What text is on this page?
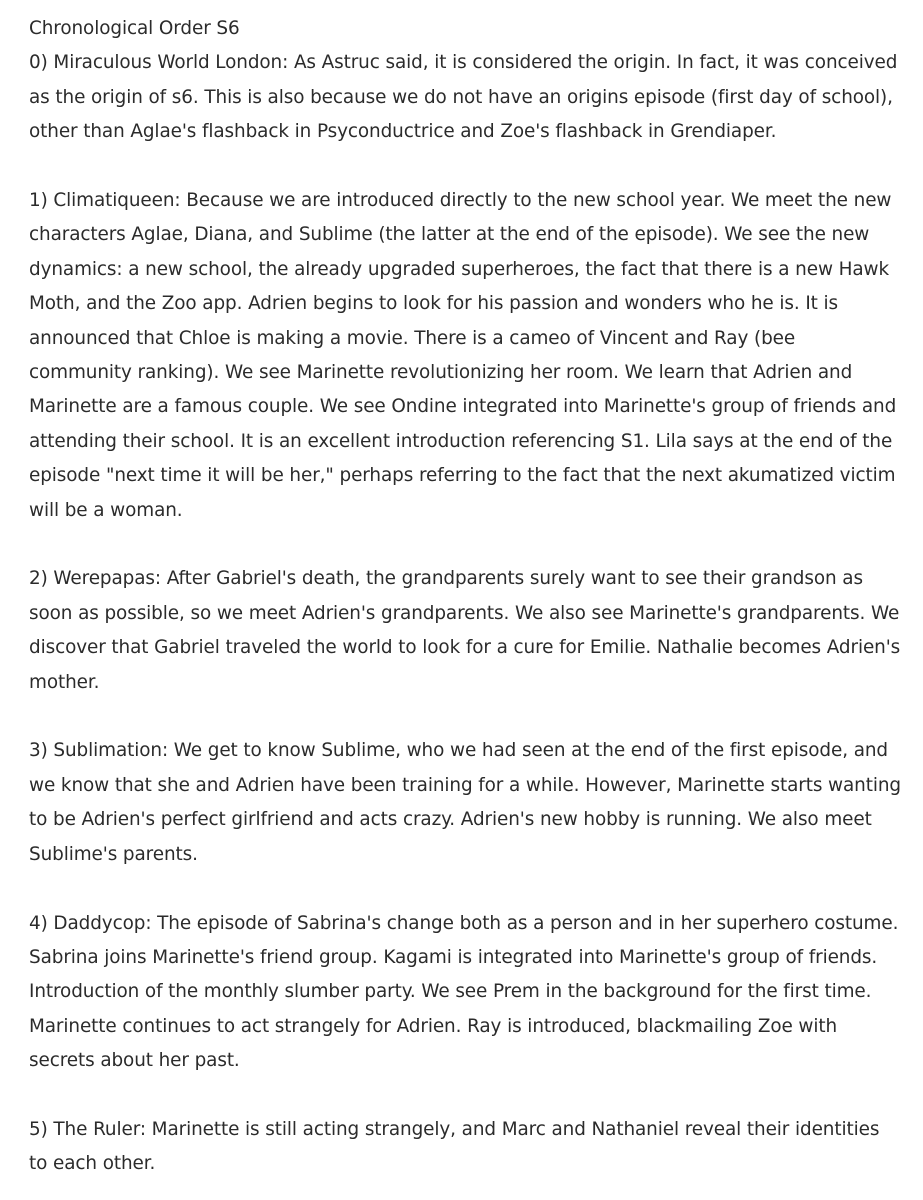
Chronological Order S6

0) Miraculous World London: As Astruc said, it is considered the origin. In fact, it was conceived as the origin of s6. This is also because we do not have an origins episode (first day of school), other than Aglae's flashback in Psyconductrice and Zoe's flashback in Grendiaper.

1) Climatiqueen: Because we are introduced directly to the new school year. We meet the new characters Aglae, Diana, and Sublime (the latter at the end of the episode). We see the new dynamics: a new school, the already upgraded superheroes, the fact that there is a new Hawk Moth, and the Zoo app. Adrien begins to look for his passion and wonders who he is. It is announced that Chloe is making a movie. There is a cameo of Vincent and Ray (bee community ranking). We see Marinette revolutionizing her room. We learn that Adrien and Marinette are a famous couple. We see Ondine integrated into Marinette's group of friends and attending their school. It is an excellent introduction referencing S1. Lila says at the end of the episode "next time it will be her," perhaps referring to the fact that the next akumatized victim will be a woman.

2) Werepapas: After Gabriel's death, the grandparents surely want to see their grandson as soon as possible, so we meet Adrien's grandparents. We also see Marinette's grandparents. We discover that Gabriel traveled the world to look for a cure for Emilie. Nathalie becomes Adrien's mother.

3) Sublimation: We get to know Sublime, who we had seen at the end of the first episode, and we know that she and Adrien have been training for a while. However, Marinette starts wanting to be Adrien's perfect girlfriend and acts crazy. Adrien's new hobby is running. We also meet Sublime's parents.

4) Daddycop: The episode of Sabrina's change both as a person and in her superhero costume. Sabrina joins Marinette's friend group. Kagami is integrated into Marinette's group of friends. Introduction of the monthly slumber party. We see Prem in the background for the first time. Marinette continues to act strangely for Adrien. Ray is introduced, blackmailing Zoe with secrets about her past.

5) The Ruler: Marinette is still acting strangely, and Marc and Nathaniel reveal their identities to each other.
